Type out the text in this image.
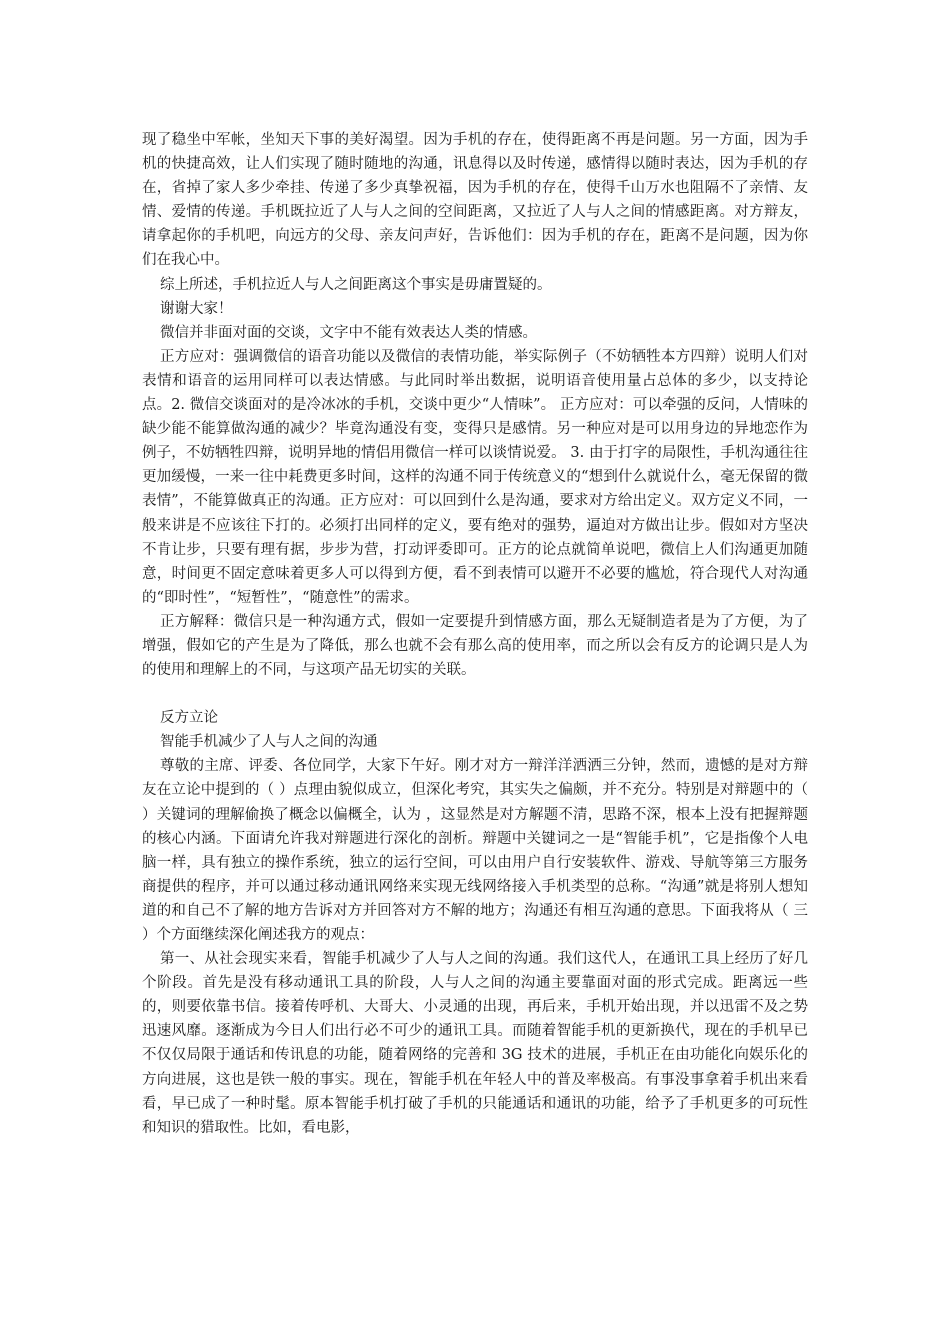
现了稳坐中军帐，坐知天下事的美好渴望。因为手机的存在，使得距离不再是问题。另一方面，因为手机的快捷高效，让人们实现了随时随地的沟通，讯息得以及时传递，感情得以随时表达，因为手机的存在，省掉了家人多少牵挂、传递了多少真挚祝福，因为手机的存在，使得千山万水也阻隔不了亲情、友情、爱情的传递。手机既拉近了人与人之间的空间距离，又拉近了人与人之间的情感距离。对方辩友，请拿起你的手机吧，向远方的父母、亲友问声好，告诉他们：因为手机的存在，距离不是问题，因为你们在我心中。

综上所述，手机拉近人与人之间距离这个事实是毋庸置疑的。

谢谢大家！

微信并非面对面的交谈，文字中不能有效表达人类的情感。

正方应对：强调微信的语音功能以及微信的表情功能，举实际例子（不妨牺牲本方四辩）说明人们对表情和语音的运用同样可以表达情感。与此同时举出数据，说明语音使用量占总体的多少，以支持论点。2. 微信交谈面对的是冷冰冰的手机，交谈中更少“人情味”。 正方应对：可以牵强的反问，人情味的缺少能不能算做沟通的减少？毕竟沟通没有变，变得只是感情。另一种应对是可以用身边的异地恋作为例子，不妨牺牲四辩，说明异地的情侣用微信一样可以谈情说爱。 3. 由于打字的局限性，手机沟通往往更加缓慢，一来一往中耗费更多时间，这样的沟通不同于传统意义的“想到什么就说什么，毫无保留的微表情”，不能算做真正的沟通。正方应对：可以回到什么是沟通，要求对方给出定义。双方定义不同，一般来讲是不应该往下打的。必须打出同样的定义，要有绝对的强势，逼迫对方做出让步。假如对方坚决不肯让步，只要有理有据，步步为营，打动评委即可。正方的论点就简单说吧，微信上人们沟通更加随意，时间更不固定意味着更多人可以得到方便，看不到表情可以避开不必要的尴尬，符合现代人对沟通的“即时性”，“短暂性”，“随意性”的需求。

正方解释：微信只是一种沟通方式，假如一定要提升到情感方面，那么无疑制造者是为了方便，为了增强，假如它的产生是为了降低，那么也就不会有那么高的使用率，而之所以会有反方的论调只是人为的使用和理解上的不同，与这项产品无切实的关联。

反方立论

智能手机减少了人与人之间的沟通

尊敬的主席、评委、各位同学，大家下午好。刚才对方一辩洋洋洒洒三分钟，然而，遗憾的是对方辩友在立论中提到的（ ）点理由貌似成立，但深化考究，其实失之偏颇，并不充分。特别是对辩题中的（ ）关键词的理解偷换了概念以偏概全，认为 ，这显然是对方解题不清，思路不深，根本上没有把握辩题的核心内涵。下面请允许我对辩题进行深化的剖析。辩题中关键词之一是“智能手机”，它是指像个人电脑一样，具有独立的操作系统，独立的运行空间，可以由用户自行安装软件、游戏、导航等第三方服务商提供的程序，并可以通过移动通讯网络来实现无线网络接入手机类型的总称。“沟通”就是将别人想知道的和自己不了解的地方告诉对方并回答对方不解的地方；沟通还有相互沟通的意思。下面我将从（ 三 ）个方面继续深化阐述我方的观点：

第一、从社会现实来看，智能手机减少了人与人之间的沟通。我们这代人，在通讯工具上经历了好几个阶段。首先是没有移动通讯工具的阶段，人与人之间的沟通主要靠面对面的形式完成。距离远一些的，则要依靠书信。接着传呼机、大哥大、小灵通的出现，再后来，手机开始出现，并以迅雷不及之势迅速风靡。逐渐成为今日人们出行必不可少的通讯工具。而随着智能手机的更新换代，现在的手机早已不仅仅局限于通话和传讯息的功能，随着网络的完善和 3G 技术的进展，手机正在由功能化向娱乐化的方向进展，这也是铁一般的事实。现在，智能手机在年轻人中的普及率极高。有事没事拿着手机出来看看，早已成了一种时髦。原本智能手机打破了手机的只能通话和通讯的功能，给予了手机更多的可玩性和知识的猎取性。比如，看电影，
